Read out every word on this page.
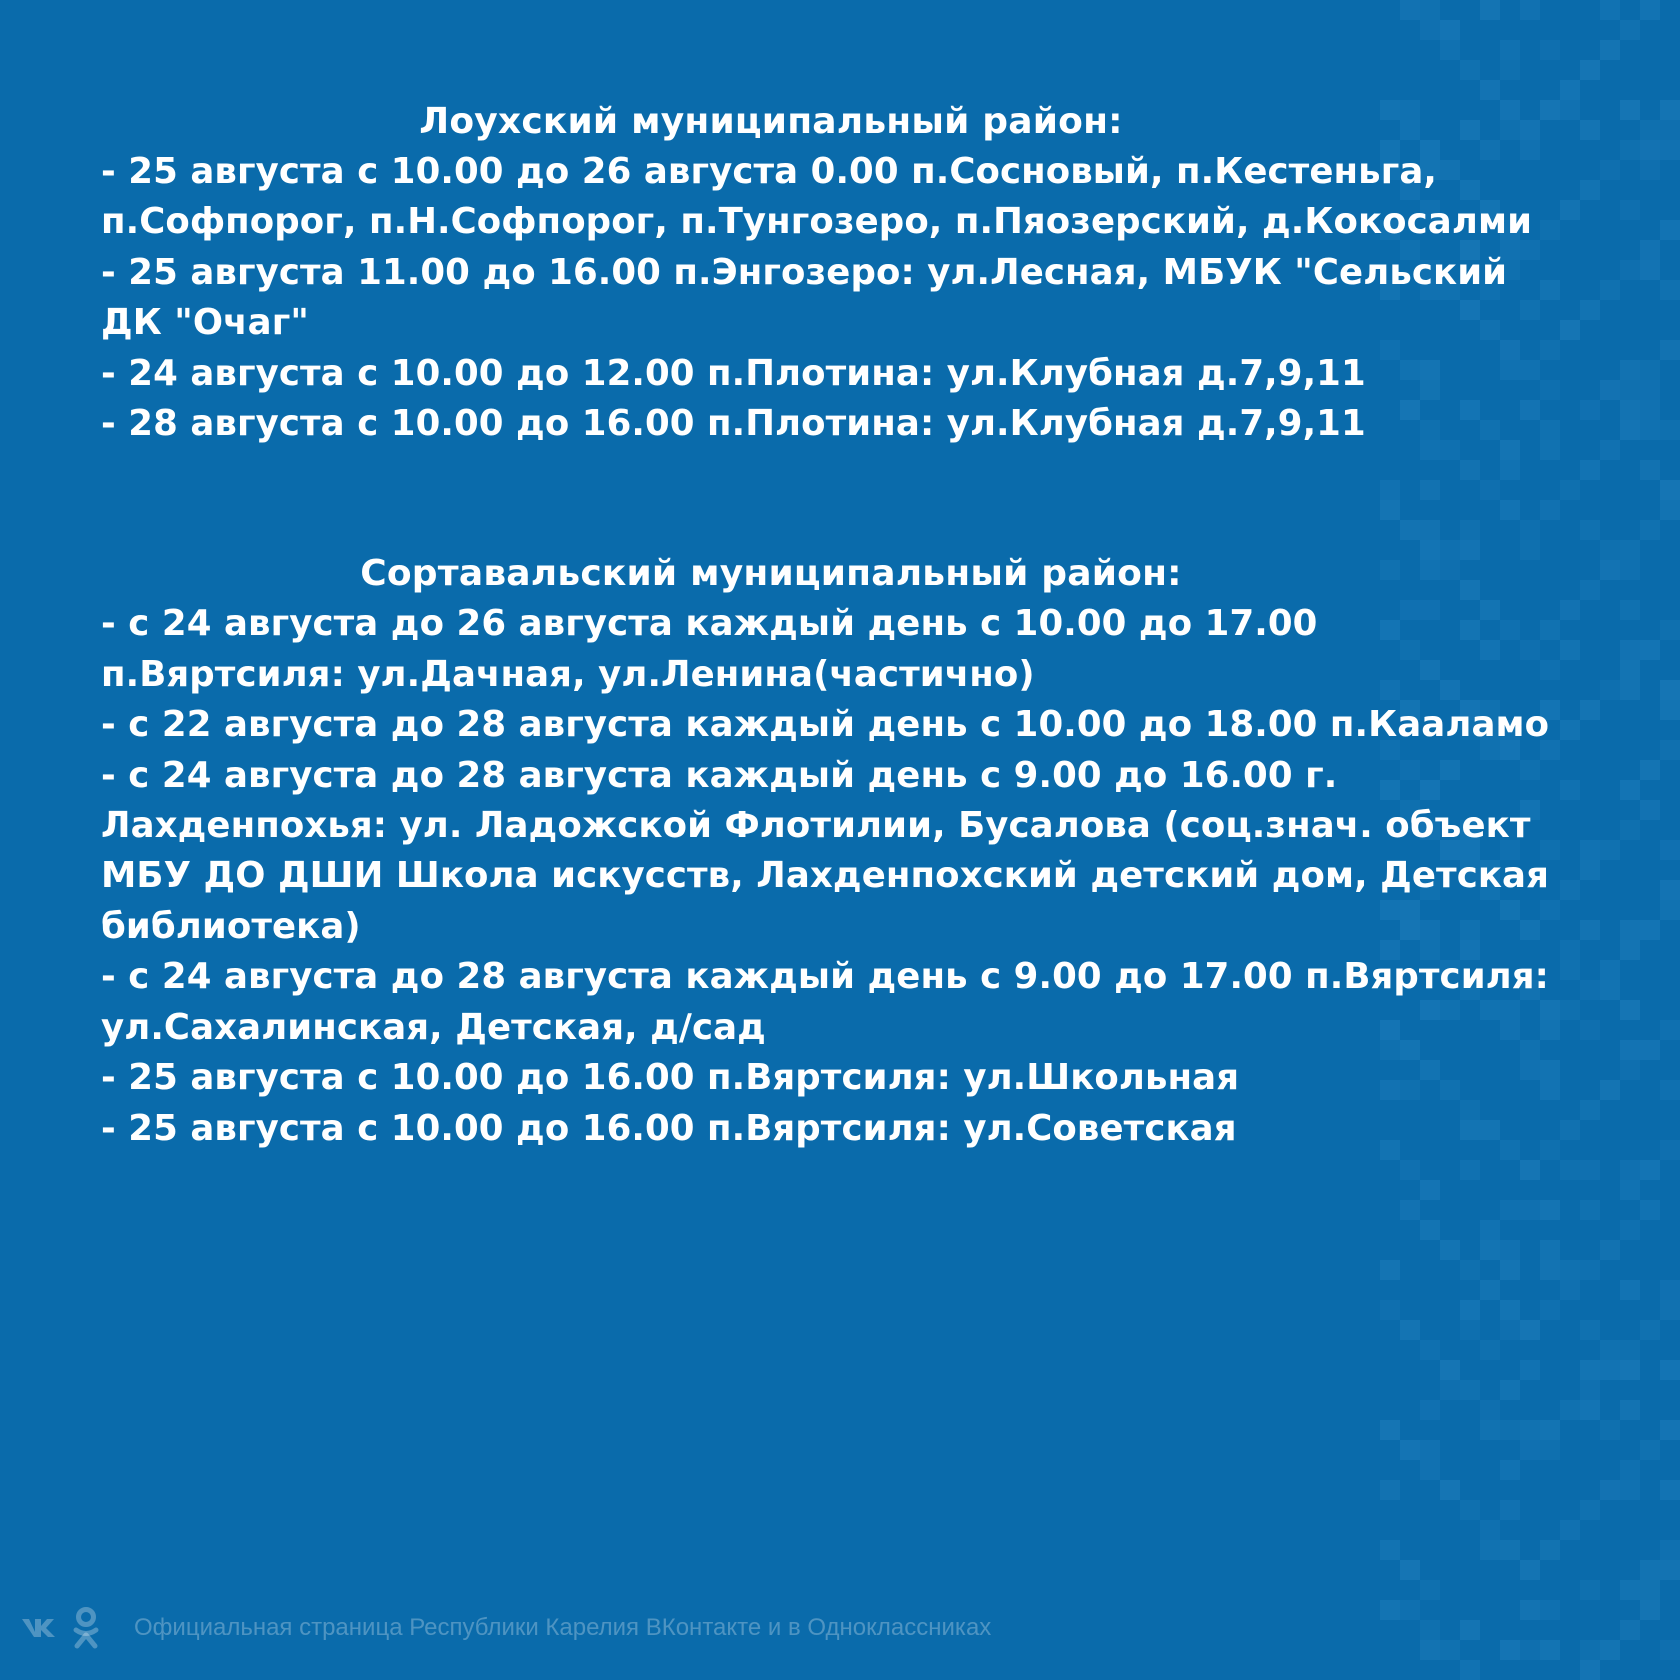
Лоухский муниципальный район:

- 25 августа с 10.00 до 26 августа 0.00 п.Сосновый, п.Кестеньга, п.Софпорог, п.Н.Софпорог, п.Тунгозеро, п.Пяозерский, д.Кокосалми

- 25 августа 11.00 до 16.00 п.Энгозеро: ул.Лесная, МБУК "Сельский ДК "Очаг"

- 24 августа с 10.00 до 12.00 п.Плотина: ул.Клубная д.7,9,11

- 28 августа с 10.00 до 16.00 п.Плотина: ул.Клубная д.7,9,11

Сортавальский муниципальный район:

- с 24 августа до 26 августа каждый день с 10.00 до 17.00 п.Вяртсиля: ул.Дачная, ул.Ленина(частично)

- с 22 августа до 28 августа каждый день с 10.00 до 18.00 п.Кааламо

- с 24 августа до 28 августа каждый день с 9.00 до 16.00 г. Лахденпохья: ул. Ладожской Флотилии, Бусалова (соц.знач. объект МБУ ДО ДШИ Школа искусств, Лахденпохский детский дом, Детская библиотека)

- с 24 августа до 28 августа каждый день с 9.00 до 17.00 п.Вяртсиля: ул.Сахалинская, Детская, д/сад

- 25 августа с 10.00 до 16.00 п.Вяртсиля: ул.Школьная

- 25 августа с 10.00 до 16.00 п.Вяртсиля: ул.Советская

Официальная страница Республики Карелия ВКонтакте и в Одноклассниках
